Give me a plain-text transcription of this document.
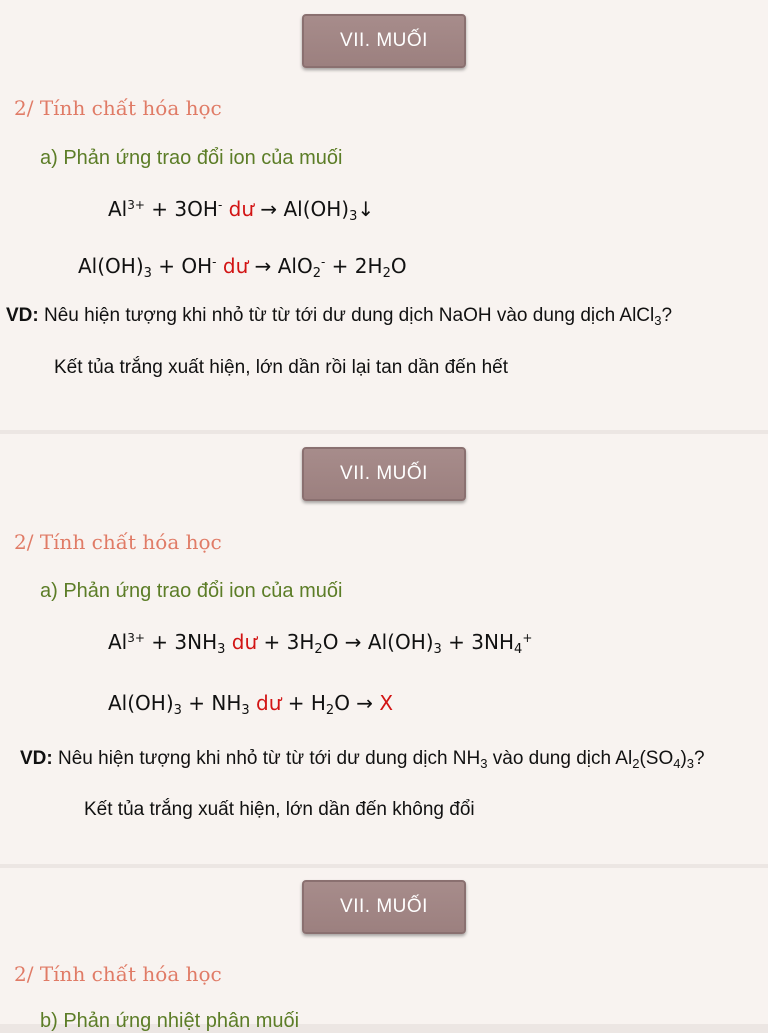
VII. MUỐI
2/ Tính chất hóa học
a) Phản ứng trao đổi ion của muối
$Al^{3+} + 3OH^-$ dư → $Al(OH)_3↓$
$Al(OH)_3 + OH^-$ dư → $AlO_2^- + 2H_2O$
VD: Nêu hiện tượng khi nhỏ từ từ tới dư dung dịch NaOH vào dung dịch AlCl$_3$?
Kết tủa trắng xuất hiện, lớn dần rồi lại tan dần đến hết
VII. MUỐI
2/ Tính chất hóa học
a) Phản ứng trao đổi ion của muối
$Al^{3+} + 3NH_3$ dư + $3H_2O \to Al(OH)_3 + 3NH_4^+$
$Al(OH)_3 + NH_3$ dư + $H_2O \to X$
VD: Nêu hiện tượng khi nhỏ từ từ tới dư dung dịch $NH_3$ vào dung dịch $Al_2(SO_4)_3$?
Kết tủa trắng xuất hiện, lớn dần đến không đổi
VII. MUỐI
2/ Tính chất hóa học
b) Phản ứng nhiệt phân muối
